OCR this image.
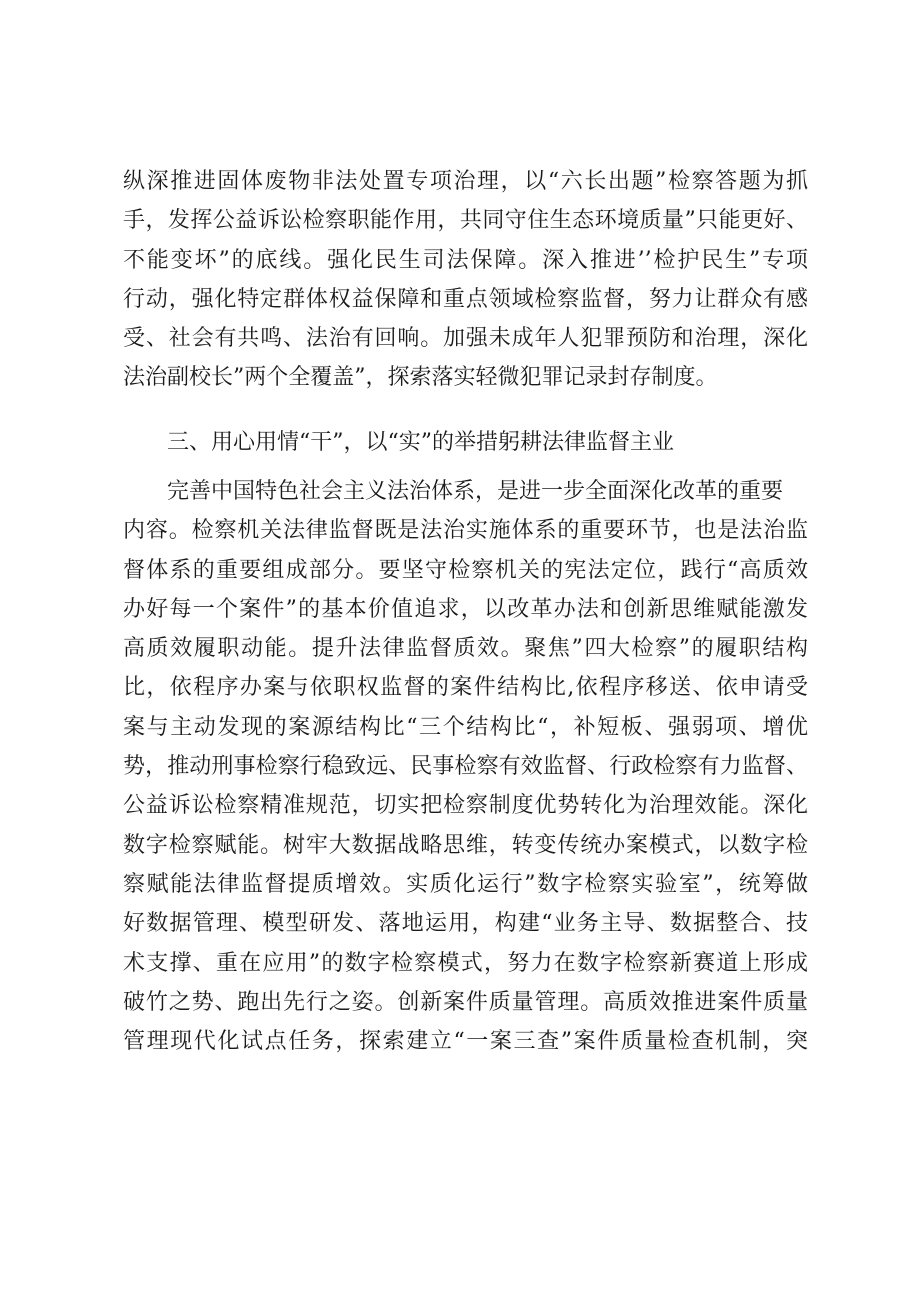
纵深推进固体废物非法处置专项治理，以“六长出题”检察答题为抓
手，发挥公益诉讼检察职能作用，共同守住生态环境质量”只能更好、
不能变坏”的底线。强化民生司法保障。深入推进’’检护民生”专项
行动，强化特定群体权益保障和重点领域检察监督，努力让群众有感
受、社会有共鸣、法治有回响。加强未成年人犯罪预防和治理，深化
法治副校长”两个全覆盖”，探索落实轻微犯罪记录封存制度。
三、用心用情“干”，以“实”的举措躬耕法律监督主业
完善中国特色社会主义法治体系，是进一步全面深化改革的重要
内容。检察机关法律监督既是法治实施体系的重要环节，也是法治监
督体系的重要组成部分。要坚守检察机关的宪法定位，践行“高质效
办好每一个案件”的基本价值追求，以改革办法和创新思维赋能激发
高质效履职动能。提升法律监督质效。聚焦”四大检察”的履职结构
比，依程序办案与依职权监督的案件结构比,依程序移送、依申请受
案与主动发现的案源结构比“三个结构比“，补短板、强弱项、增优
势，推动刑事检察行稳致远、民事检察有效监督、行政检察有力监督、
公益诉讼检察精准规范，切实把检察制度优势转化为治理效能。深化
数字检察赋能。树牢大数据战略思维，转变传统办案模式，以数字检
察赋能法律监督提质增效。实质化运行”数字检察实验室”，统筹做
好数据管理、模型研发、落地运用，构建“业务主导、数据整合、技
术支撑、重在应用”的数字检察模式，努力在数字检察新赛道上形成
破竹之势、跑出先行之姿。创新案件质量管理。高质效推进案件质量
管理现代化试点任务，探索建立“一案三查”案件质量检查机制，突
